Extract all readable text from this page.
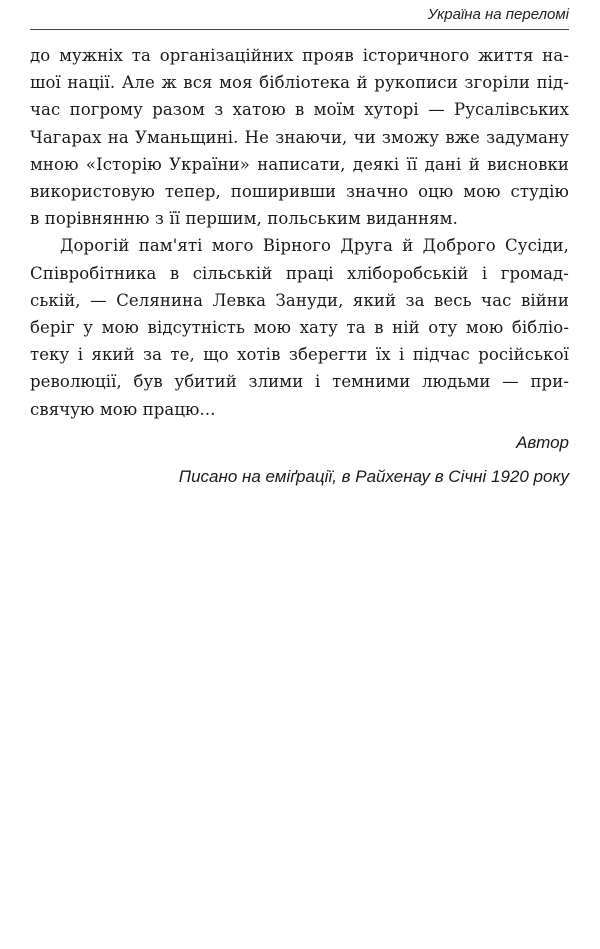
Україна на переломі
до мужніх та організаційних прояв історичного життя на-
шої нації. Але ж вся моя бібліотека й рукописи згоріли під-
час погрому разом з хатою в моїм хуторі — Русалівських
Чагарах на Уманьщині. Не знаючи, чи зможу вже задуману
мною «Історію України» написати, деякі її дані й висновки
використовую тепер, поширивши значно оцю мою студію
в порівнянню з її першим, польським виданням.
Дорогій пам'яті мого Вірного Друга й Доброго Сусіди,
Співробітника в сільській праці хліборобській і громад-
ській, — Селянина Левка Зануди, який за весь час війни
беріг у мою відсутність мою хату та в ній оту мою бібліо-
теку і який за те, що хотів зберегти їх і підчас російської
революції, був убитий злими і темними людьми — при-
свячую мою працю...
Автор
Писано на еміґрації, в Райхенау в Січні 1920 року
